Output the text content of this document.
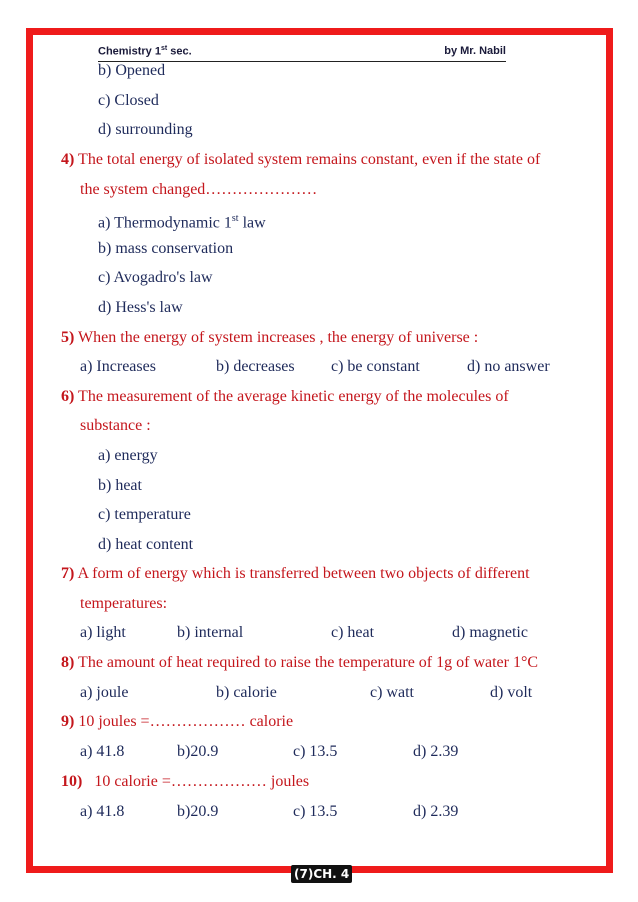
Chemistry 1st sec.	by Mr. Nabil
b) Opened
c) Closed
d) surrounding
4) The total energy of isolated system remains constant, even if the state of
the system changed…………………
a) Thermodynamic 1st law
b) mass conservation
c) Avogadro's law
d) Hess's law
5) When the energy of system increases , the energy of universe :
a) Increases	b) decreases c) be constant	d) no answer
6) The measurement of the average kinetic energy of the molecules of
substance :
a) energy
b) heat
c) temperature
d) heat content
7) A form of energy which is transferred between two objects of different
temperatures:
a) light	b) internal	c) heat	d) magnetic
8) The amount of heat required to raise the temperature of 1g of water 1°C
a) joule	b) calorie	c) watt	d) volt
9) 10 joules =……………… calorie
a) 41.8	b)20.9	c) 13.5	d) 2.39
10) 10 calorie =……………… joules
a) 41.8	b)20.9	c) 13.5	d) 2.39
(7)CH. 4
